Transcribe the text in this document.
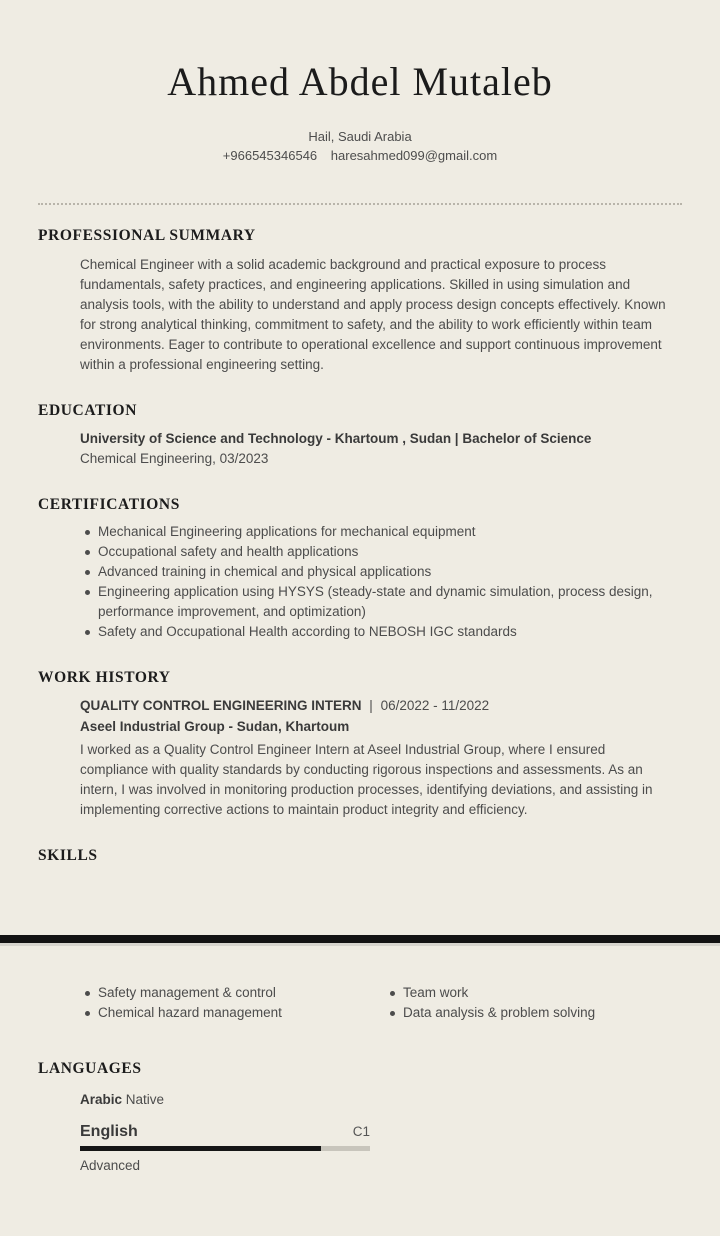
Ahmed Abdel Mutaleb
Hail, Saudi Arabia
+966545346546 haresahmed099@gmail.com
PROFESSIONAL SUMMARY
Chemical Engineer with a solid academic background and practical exposure to process fundamentals, safety practices, and engineering applications. Skilled in using simulation and analysis tools, with the ability to understand and apply process design concepts effectively. Known for strong analytical thinking, commitment to safety, and the ability to work efficiently within team environments. Eager to contribute to operational excellence and support continuous improvement within a professional engineering setting.
EDUCATION
University of Science and Technology - Khartoum , Sudan | Bachelor of Science
Chemical Engineering, 03/2023
CERTIFICATIONS
Mechanical Engineering applications for mechanical equipment
Occupational safety and health applications
Advanced training in chemical and physical applications
Engineering application using HYSYS (steady-state and dynamic simulation, process design, performance improvement, and optimization)
Safety and Occupational Health according to NEBOSH IGC standards
WORK HISTORY
QUALITY CONTROL ENGINEERING INTERN | 06/2022 - 11/2022
Aseel Industrial Group - Sudan, Khartoum
I worked as a Quality Control Engineer Intern at Aseel Industrial Group, where I ensured compliance with quality standards by conducting rigorous inspections and assessments. As an intern, I was involved in monitoring production processes, identifying deviations, and assisting in implementing corrective actions to maintain product integrity and efficiency.
SKILLS
Safety management & control
Chemical hazard management
Team work
Data analysis & problem solving
LANGUAGES
Arabic Native
English	C1
Advanced
